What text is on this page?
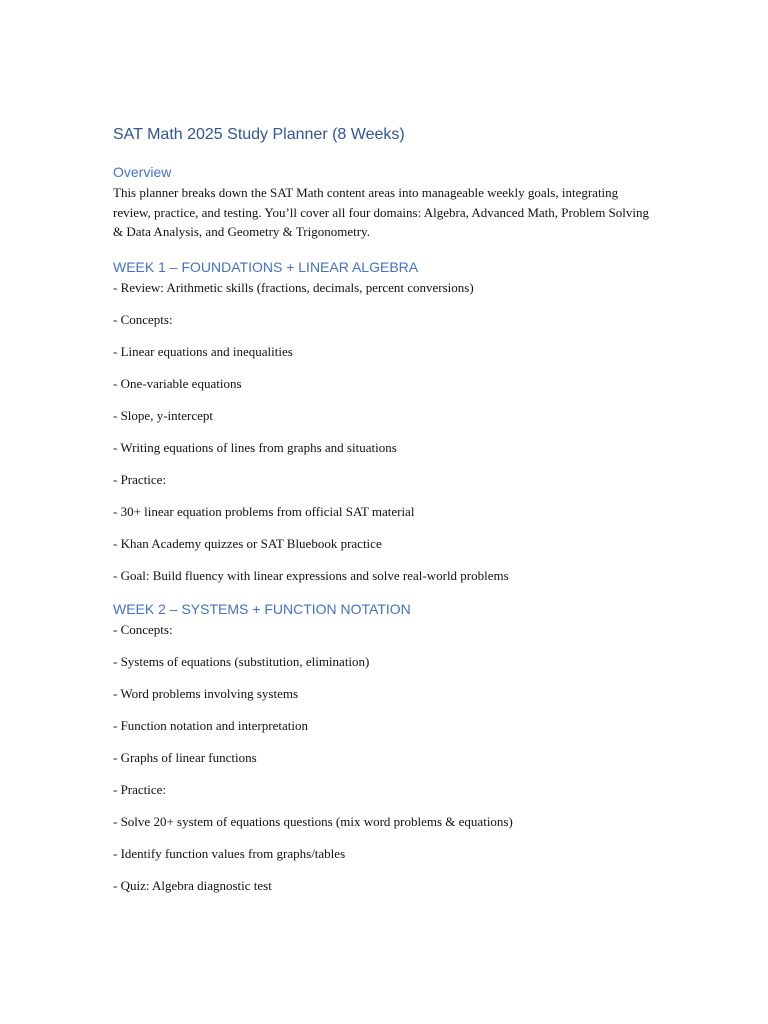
SAT Math 2025 Study Planner (8 Weeks)
Overview

This planner breaks down the SAT Math content areas into manageable weekly goals, integrating review, practice, and testing. You’ll cover all four domains: Algebra, Advanced Math, Problem Solving & Data Analysis, and Geometry & Trigonometry.

WEEK 1 – FOUNDATIONS + LINEAR ALGEBRA

- Review: Arithmetic skills (fractions, decimals, percent conversions)

- Concepts:

- Linear equations and inequalities

- One-variable equations

- Slope, y-intercept

- Writing equations of lines from graphs and situations

- Practice:

- 30+ linear equation problems from official SAT material

- Khan Academy quizzes or SAT Bluebook practice

- Goal: Build fluency with linear expressions and solve real-world problems

WEEK 2 – SYSTEMS + FUNCTION NOTATION

- Concepts:

- Systems of equations (substitution, elimination)

- Word problems involving systems

- Function notation and interpretation

- Graphs of linear functions

- Practice:

- Solve 20+ system of equations questions (mix word problems & equations)

- Identify function values from graphs/tables

- Quiz: Algebra diagnostic test
